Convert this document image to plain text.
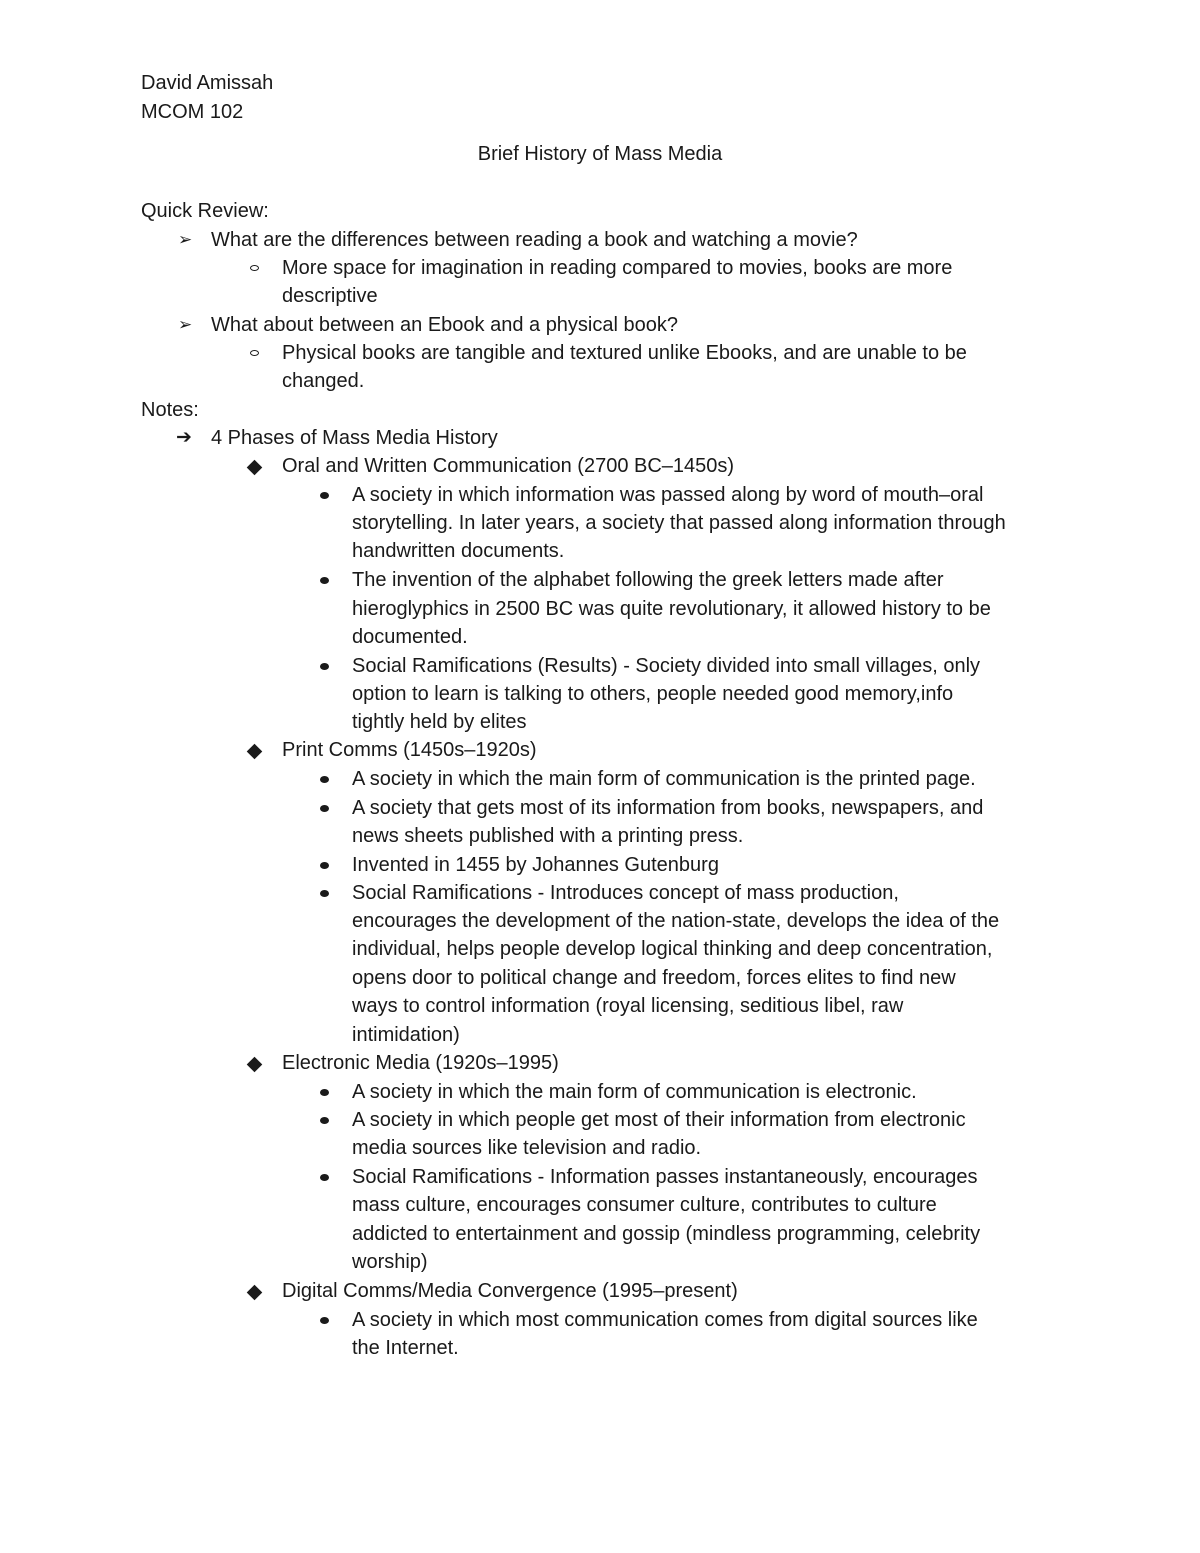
David Amissah
MCOM 102
Brief History of Mass Media
Quick Review:
➢ What are the differences between reading a book and watching a movie?
More space for imagination in reading compared to movies, books are more
descriptive
➢ What about between an Ebook and a physical book?
Physical books are tangible and textured unlike Ebooks, and are unable to be
changed.
Notes:
➔ 4 Phases of Mass Media History
Oral and Written Communication (2700 BC–1450s)
A society in which information was passed along by word of mouth–oral
storytelling. In later years, a society that passed along information through
handwritten documents.
The invention of the alphabet following the greek letters made after
hieroglyphics in 2500 BC was quite revolutionary, it allowed history to be
documented.
Social Ramifications (Results) - Society divided into small villages, only
option to learn is talking to others, people needed good memory,info
tightly held by elites
Print Comms (1450s–1920s)
A society in which the main form of communication is the printed page.
A society that gets most of its information from books, newspapers, and
news sheets published with a printing press.
Invented in 1455 by Johannes Gutenburg
Social Ramifications - Introduces concept of mass production,
encourages the development of the nation-state, develops the idea of the
individual, helps people develop logical thinking and deep concentration,
opens door to political change and freedom, forces elites to find new
ways to control information (royal licensing, seditious libel, raw
intimidation)
Electronic Media (1920s–1995)
A society in which the main form of communication is electronic.
A society in which people get most of their information from electronic
media sources like television and radio.
Social Ramifications - Information passes instantaneously, encourages
mass culture, encourages consumer culture, contributes to culture
addicted to entertainment and gossip (mindless programming, celebrity
worship)
Digital Comms/Media Convergence (1995–present)
A society in which most communication comes from digital sources like
the Internet.
